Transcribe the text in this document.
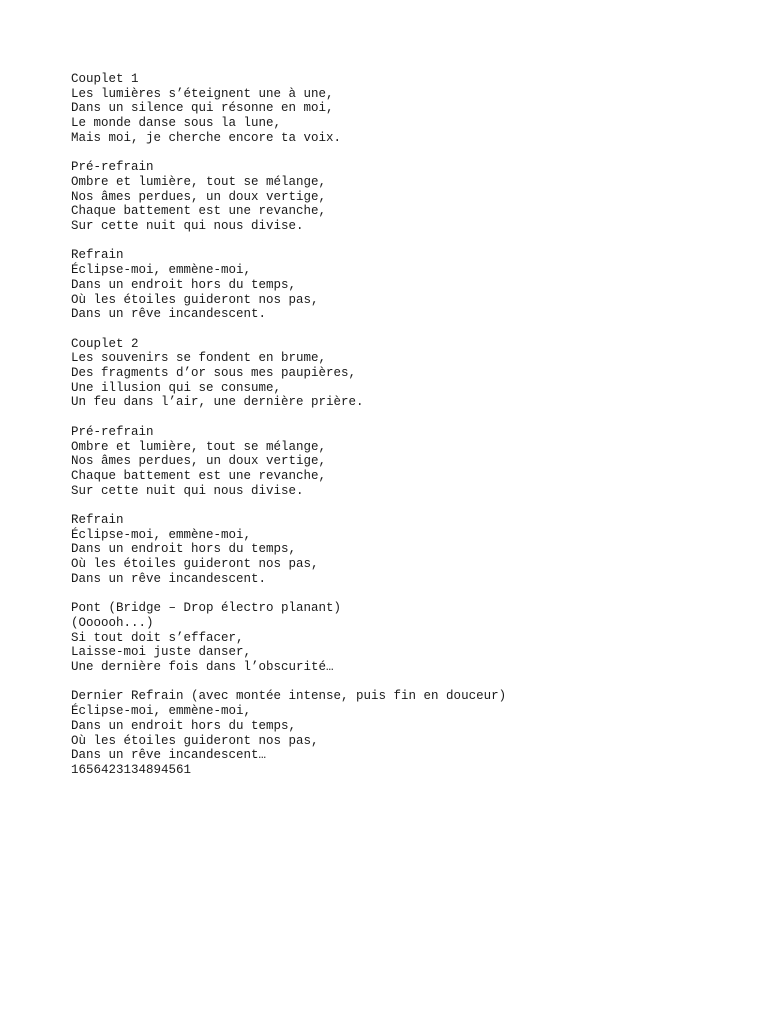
Couplet 1
Les lumières s’éteignent une à une,
Dans un silence qui résonne en moi,
Le monde danse sous la lune,
Mais moi, je cherche encore ta voix.
Pré-refrain
Ombre et lumière, tout se mélange,
Nos âmes perdues, un doux vertige,
Chaque battement est une revanche,
Sur cette nuit qui nous divise.
Refrain
Éclipse-moi, emmène-moi,
Dans un endroit hors du temps,
Où les étoiles guideront nos pas,
Dans un rêve incandescent.
Couplet 2
Les souvenirs se fondent en brume,
Des fragments d’or sous mes paupières,
Une illusion qui se consume,
Un feu dans l’air, une dernière prière.
Pré-refrain
Ombre et lumière, tout se mélange,
Nos âmes perdues, un doux vertige,
Chaque battement est une revanche,
Sur cette nuit qui nous divise.
Refrain
Éclipse-moi, emmène-moi,
Dans un endroit hors du temps,
Où les étoiles guideront nos pas,
Dans un rêve incandescent.
Pont (Bridge – Drop électro planant)
(Oooooh...)
Si tout doit s’effacer,
Laisse-moi juste danser,
Une dernière fois dans l’obscurité…
Dernier Refrain (avec montée intense, puis fin en douceur)
Éclipse-moi, emmène-moi,
Dans un endroit hors du temps,
Où les étoiles guideront nos pas,
Dans un rêve incandescent…
1656423134894561
